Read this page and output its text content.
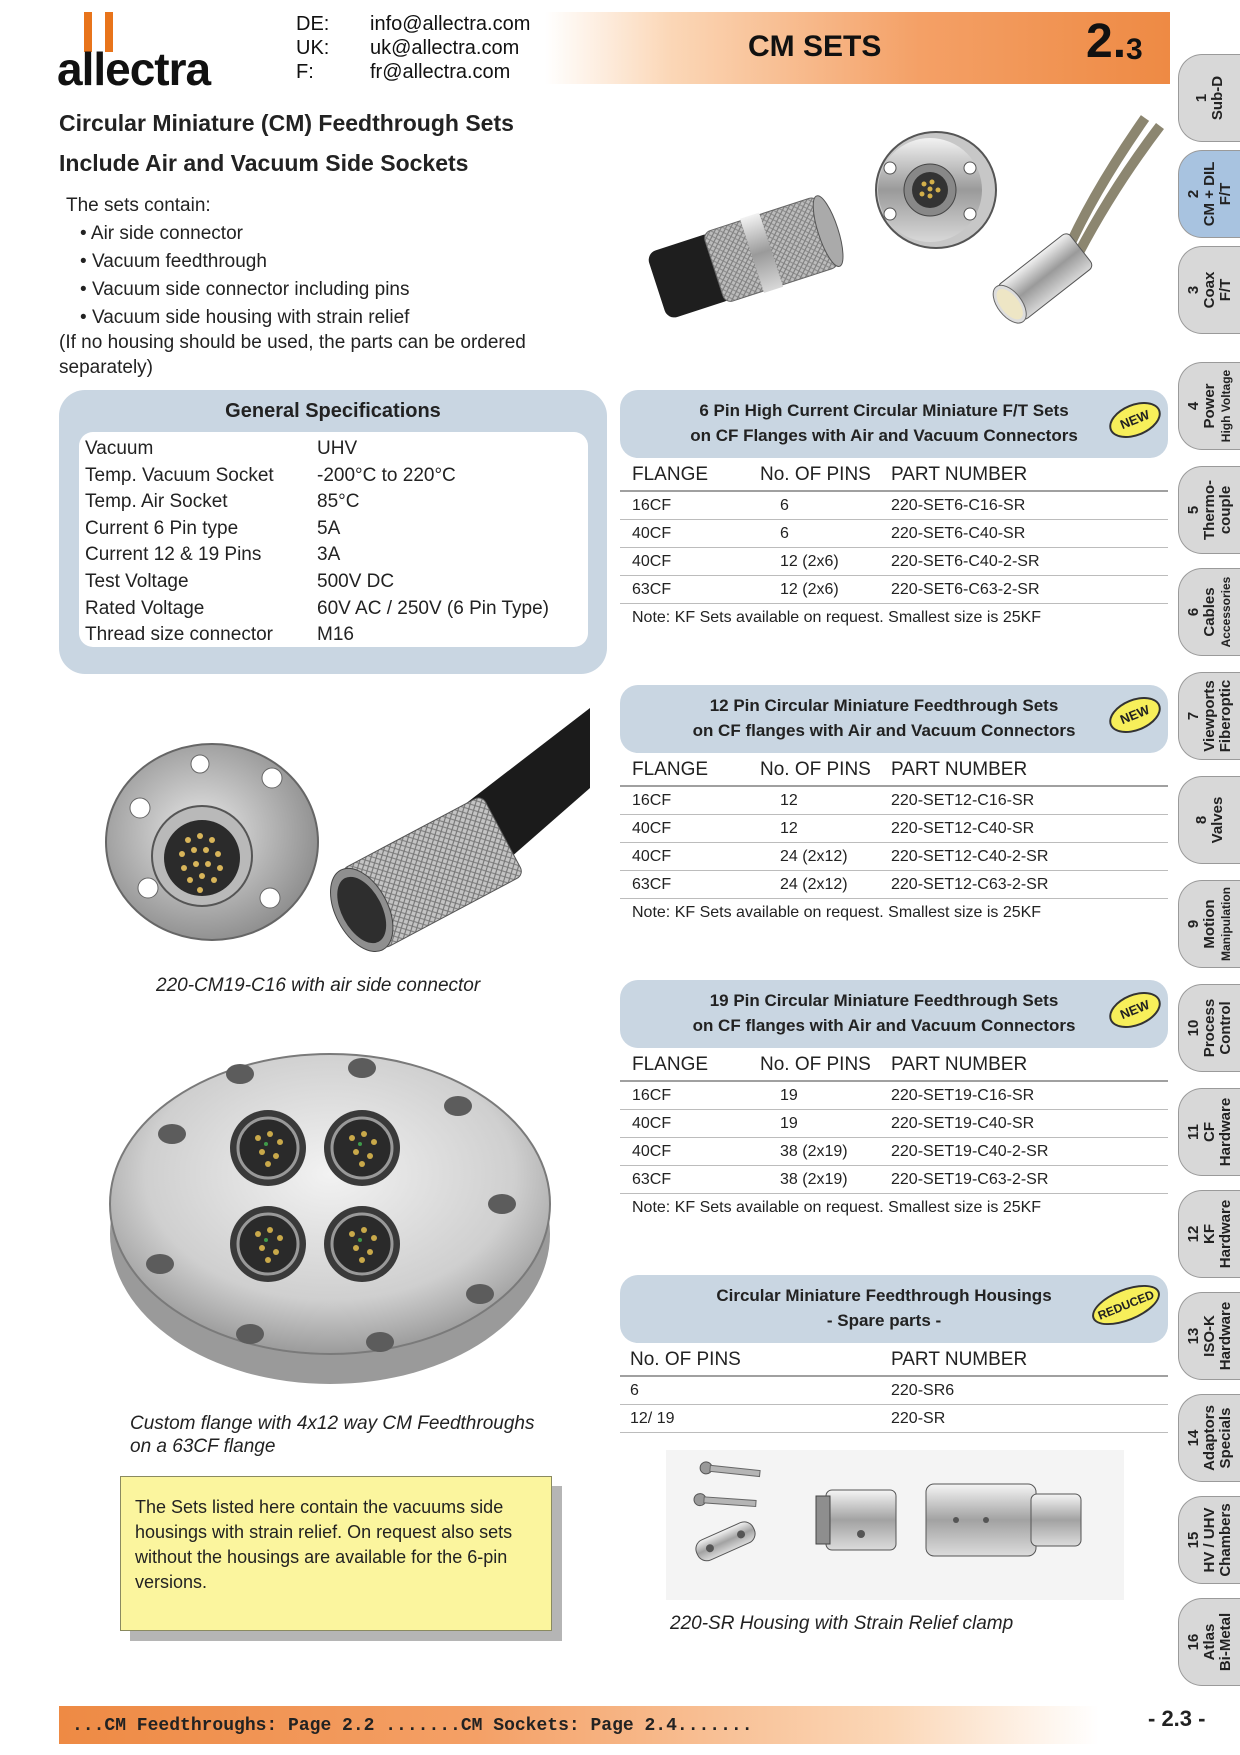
allectra
DE:	info@allectra.com
UK:	uk@allectra.com
F:	fr@allectra.com
CM SETS	$2._3$
Circular Miniature (CM) Feedthrough Sets
Include Air and Vacuum Side Sockets
The sets contain:
• Air side connector
• Vacuum feedthrough
• Vacuum side connector including pins
• Vacuum side housing with strain relief
(If no housing should be used, the parts can be ordered separately)
General Specifications
Vacuum	UHV
Temp. Vacuum Socket	-200°C to 220°C
Temp. Air Socket	85°C
Current 6 Pin type	5A
Current 12 & 19 Pins	3A
Test Voltage	500V DC
Rated Voltage	60V AC / 250V (6 Pin Type)
Thread size connector	M16
220-CM19-C16 with air side connector
Custom flange with 4x12 way CM Feedthroughs
on a 63CF flange
The Sets listed here contain the vacuums side housings with strain relief. On request also sets without the housings are available for the 6-pin versions.
6 Pin High Current Circular Miniature F/T Sets
on CF Flanges with Air and Vacuum Connectors
NEW
FLANGE	No. OF PINS	PART NUMBER
16CF	6	220-SET6-C16-SR
40CF	6	220-SET6-C40-SR
40CF	12 (2x6)	220-SET6-C40-2-SR
63CF	12 (2x6)	220-SET6-C63-2-SR
Note: KF Sets available on request. Smallest size is 25KF
12 Pin Circular Miniature Feedthrough Sets
on CF flanges with Air and Vacuum Connectors
NEW
FLANGE	No. OF PINS	PART NUMBER
16CF	12	220-SET12-C16-SR
40CF	12	220-SET12-C40-SR
40CF	24 (2x12)	220-SET12-C40-2-SR
63CF	24 (2x12)	220-SET12-C63-2-SR
Note: KF Sets available on request. Smallest size is 25KF
19 Pin Circular Miniature Feedthrough Sets
on CF flanges with Air and Vacuum Connectors
NEW
FLANGE	No. OF PINS	PART NUMBER
16CF	19	220-SET19-C16-SR
40CF	19	220-SET19-C40-SR
40CF	38 (2x19)	220-SET19-C40-2-SR
63CF	38 (2x19)	220-SET19-C63-2-SR
Note: KF Sets available on request. Smallest size is 25KF
Circular Miniature Feedthrough Housings
- Spare parts -	REDUCED
No. OF PINS	PART NUMBER
6	220-SR6
12/ 19	220-SR
220-SR Housing with Strain Relief clamp
1 Sub-D
2 CM + DIL F/T
3 Coax F/T
4 Power High Voltage
5 Thermo- couple
6 Cables Accessories
7 Viewports Fiberoptic
8 Valves
9 Motion Manipulation
10 Process Control
11 CF Hardware
12 KF Hardware
13 ISO-K Hardware
14 Adaptors Specials
15 HV / UHV Chambers
16 Atlas Bi-Metal
...CM Feedthroughs: Page 2.2 .......CM Sockets: Page 2.4.......	- 2.3 -
